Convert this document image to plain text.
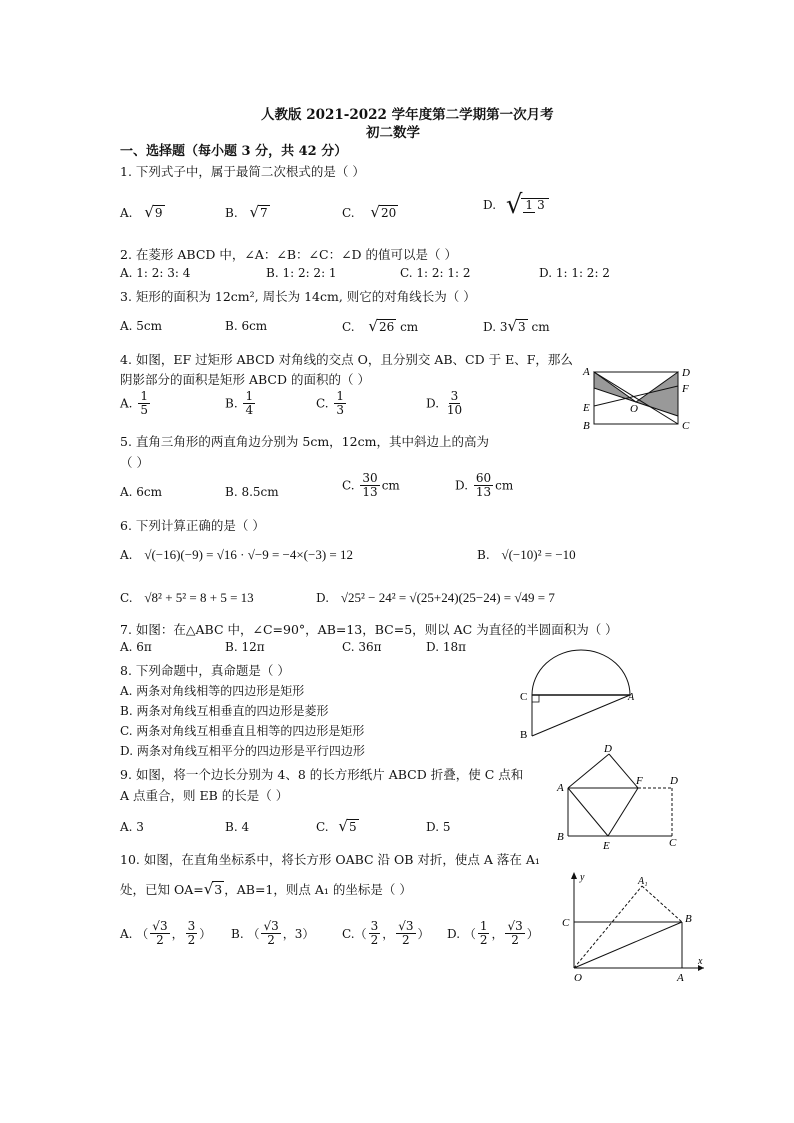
人教版 2021-2022 学年度第二学期第一次月考
初二数学
一、选择题（每小题 3 分，共 42 分）
1. 下列式子中，属于最简二次根式的是（ ）
A. √9	B. √7	C. √20
D. √ 1 3
2. 在菱形 ABCD 中，∠A：∠B：∠C：∠D 的值可以是（ ）
A. 1: 2: 3: 4	B. 1: 2: 2: 1	C. 1: 2: 1: 2	D. 1: 1: 2: 2
3. 矩形的面积为 12cm², 周长为 14cm, 则它的对角线长为（ ）
A. 5cm	B. 6cm	C. √26 cm	D. 3√3 cm
4. 如图，EF 过矩形 ABCD 对角线的交点 O，且分别交 AB、CD 于 E、F，那么
阴影部分的面积是矩形 ABCD 的面积的（ ）
A. $\frac{1}{5}$	B. $\frac{1}{4}$	C. $\frac{1}{3}$	D. $\frac{3}{10}$
A	D
F
E	O
B	C
5. 直角三角形的两直角边分别为 5cm，12cm，其中斜边上的高为
（ ）
A. 6cm	B. 8.5cm	C. $\frac{30}{13}$ cm	D. $\frac{60}{13}$ cm
6. 下列计算正确的是（ ）
A. √(−16)(−9) = √16 · √−9 = −4×(−3) = 12	B. √(−10)² = −10
C. √8² + 5² = 8 + 5 = 13	D. √25² − 24² = √(25+24)(25−24) = √49 = 7
7. 如图：在△ABC 中，∠C=90°，AB=13，BC=5，则以 AC 为直径的半圆面积为（ ）
A. 6π	B. 12π	C. 36π	D. 18π
C	A
B
8. 下列命题中，真命题是（ ）
A. 两条对角线相等的四边形是矩形
B. 两条对角线互相垂直的四边形是菱形
C. 两条对角线互相垂直且相等的四边形是矩形
D. 两条对角线互相平分的四边形是平行四边形
9. 如图，将一个边长分别为 4、8 的长方形纸片 ABCD 折叠，使 C 点和
A 点重合，则 EB 的长是（ ）
A. 3	B. 4	C. √5	D. 5
D
A
F D
B
E	C
10. 如图，在直角坐标系中，将长方形 OABC 沿 OB 对折，使点 A 落在 A₁
处，已知 OA=√3 ，AB=1，则点 A₁ 的坐标是（ ）
A. （ $\frac{√3}{2}$ ， $\frac{3}{2}$ ） B. （ $\frac{√3}{2}$ ，3） $C.( \frac{3}{2}$ ， $\frac{√3}{2}$ ） D. （ $\frac{1}{2}$ ， $\frac{√3}{2}$ ）
y	A₁
C	B
O	A
x
